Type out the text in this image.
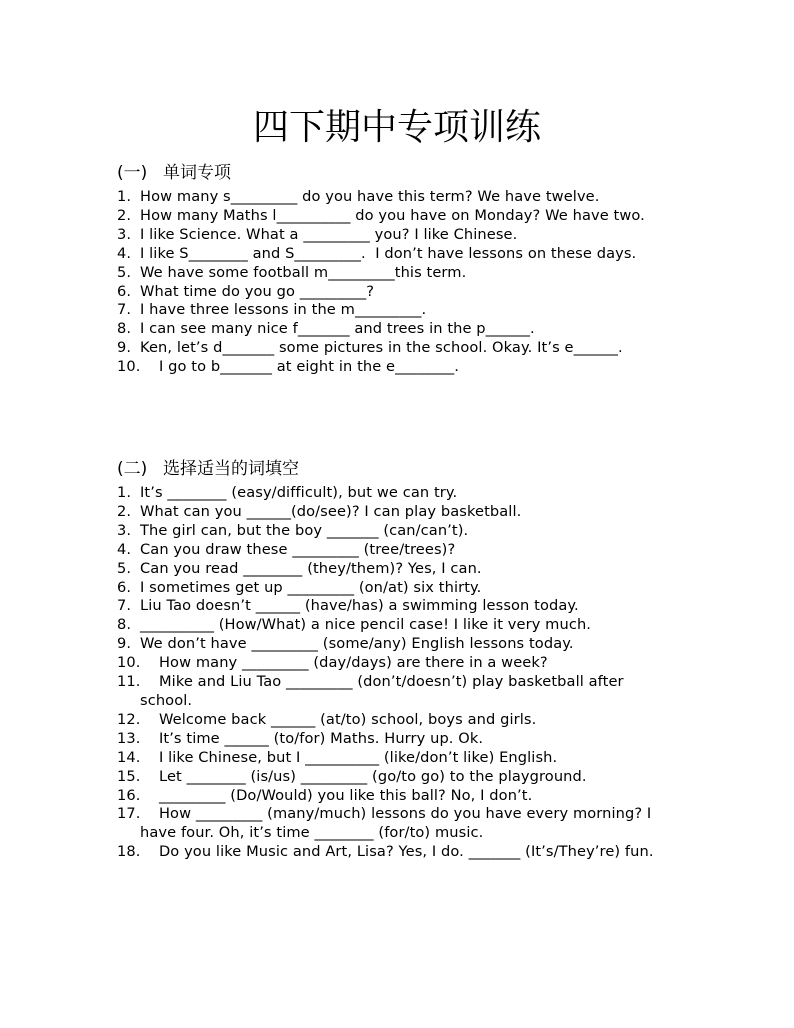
四下期中专项训练
(一) 单词专项
1. How many s_________ do you have this term? We have twelve.
2. How many Maths l__________ do you have on Monday? We have two.
3. I like Science. What a _________ you? I like Chinese.
4. I like S________ and S_________.  I don’t have lessons on these days.
5. We have some football m_________this term.
6. What time do you go _________?
7. I have three lessons in the m_________.
8. I can see many nice f_______ and trees in the p______.
9. Ken, let’s d_______ some pictures in the school. Okay. It’s e______.
10. I go to b_______ at eight in the e________.
(二) 选择适当的词填空
1. It’s ________ (easy/difficult), but we can try.
2. What can you ______(do/see)? I can play basketball.
3. The girl can, but the boy _______ (can/can’t).
4. Can you draw these _________ (tree/trees)?
5. Can you read ________ (they/them)? Yes, I can.
6. I sometimes get up _________ (on/at) six thirty.
7. Liu Tao doesn’t ______ (have/has) a swimming lesson today.
8. __________ (How/What) a nice pencil case! I like it very much.
9. We don’t have _________ (some/any) English lessons today.
10. How many _________ (day/days) are there in a week?
11. Mike and Liu Tao _________ (don’t/doesn’t) play basketball after school.
12. Welcome back ______ (at/to) school, boys and girls.
13. It’s time ______ (to/for) Maths. Hurry up. Ok.
14. I like Chinese, but I __________ (like/don’t like) English.
15. Let ________ (is/us) _________ (go/to go) to the playground.
16. _________ (Do/Would) you like this ball? No, I don’t.
17. How _________ (many/much) lessons do you have every morning? I have four. Oh, it’s time ________ (for/to) music.
18. Do you like Music and Art, Lisa? Yes, I do. _______ (It’s/They’re) fun.
